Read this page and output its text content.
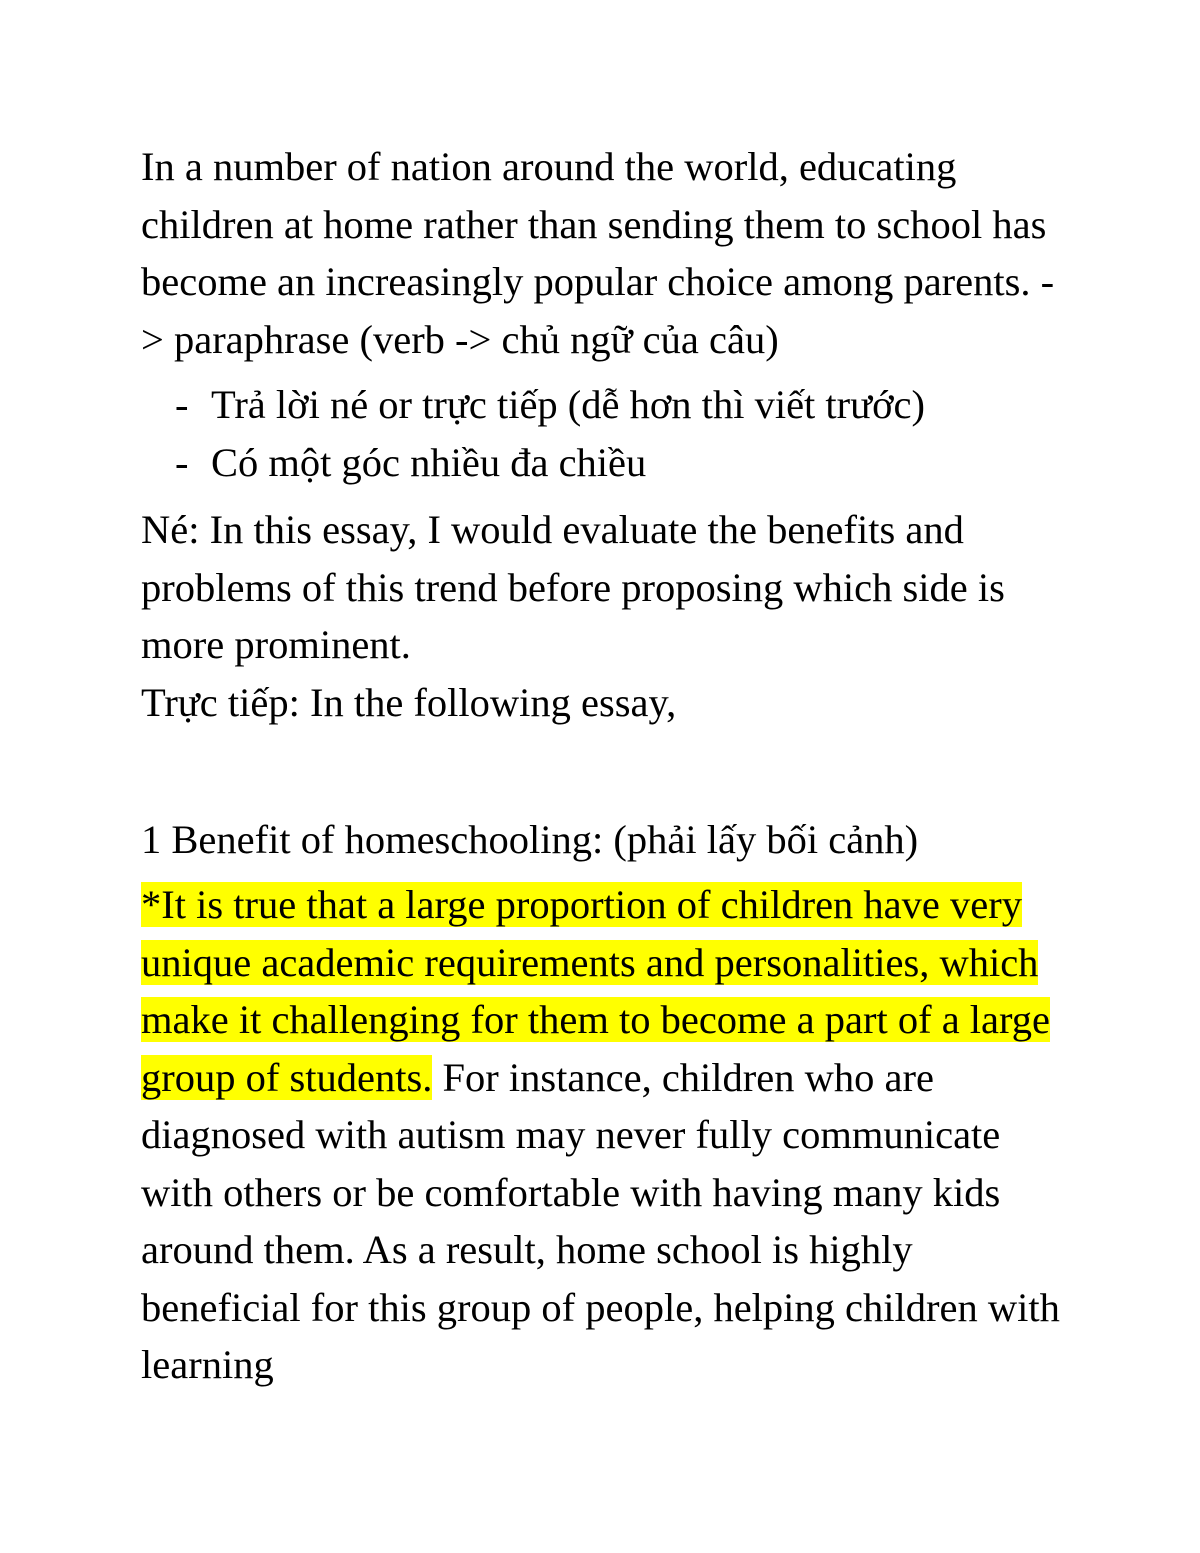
In a number of nation around the world, educating children at home rather than sending them to school has become an increasingly popular choice among parents. -> paraphrase (verb -> chủ ngữ của câu)

- Trả lời né or trực tiếp (dễ hơn thì viết trước)
- Có một góc nhiều đa chiều

Né: In this essay, I would evaluate the benefits and problems of this trend before proposing which side is more prominent.

Trực tiếp: In the following essay,

1 Benefit of homeschooling: (phải lấy bối cảnh)

*It is true that a large proportion of children have very unique academic requirements and personalities, which make it challenging for them to become a part of a large group of students. For instance, children who are diagnosed with autism may never fully communicate with others or be comfortable with having many kids around them. As a result, home school is highly beneficial for this group of people, helping children with learning
